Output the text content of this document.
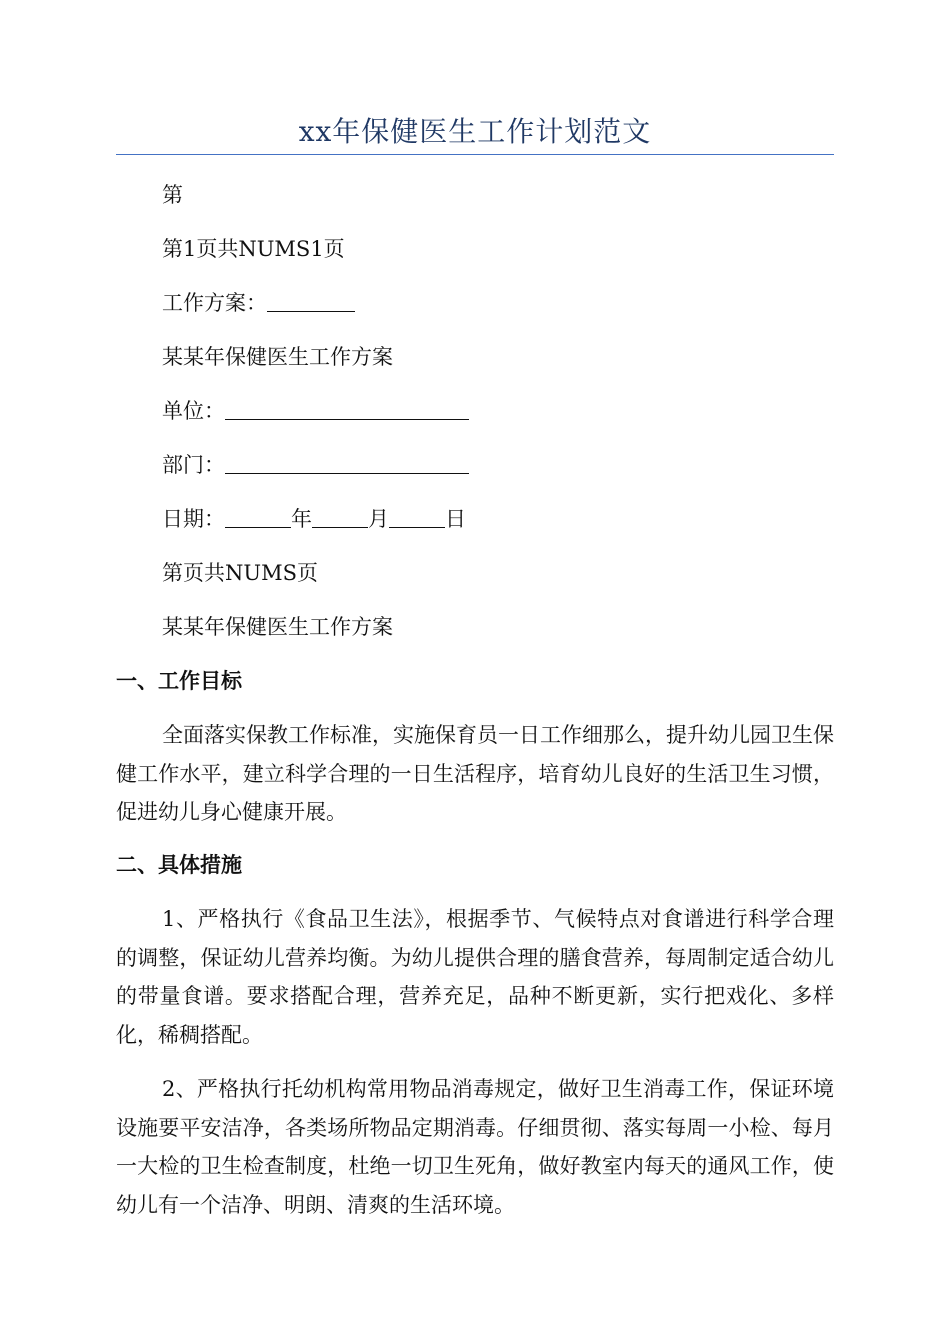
xx年保健医生工作计划范文
第
第1页共NUMS1页
工作方案：
某某年保健医生工作方案
单位：
部门：
日期：	年	月	日
第页共NUMS页
某某年保健医生工作方案
一、工作目标
全面落实保教工作标准，实施保育员一日工作细那么，提升幼儿园卫生保健工作水平，建立科学合理的一日生活程序，培育幼儿良好的生活卫生习惯，促进幼儿身心健康开展。
二、具体措施
1、严格执行《食品卫生法》，根据季节、气候特点对食谱进行科学合理的调整，保证幼儿营养均衡。为幼儿提供合理的膳食营养，每周制定适合幼儿的带量食谱。要求搭配合理，营养充足，品种不断更新，实行把戏化、多样化，稀稠搭配。
2、严格执行托幼机构常用物品消毒规定，做好卫生消毒工作，保证环境设施要平安洁净，各类场所物品定期消毒。仔细贯彻、落实每周一小检、每月一大检的卫生检查制度，杜绝一切卫生死角，做好教室内每天的通风工作，使幼儿有一个洁净、明朗、清爽的生活环境。
